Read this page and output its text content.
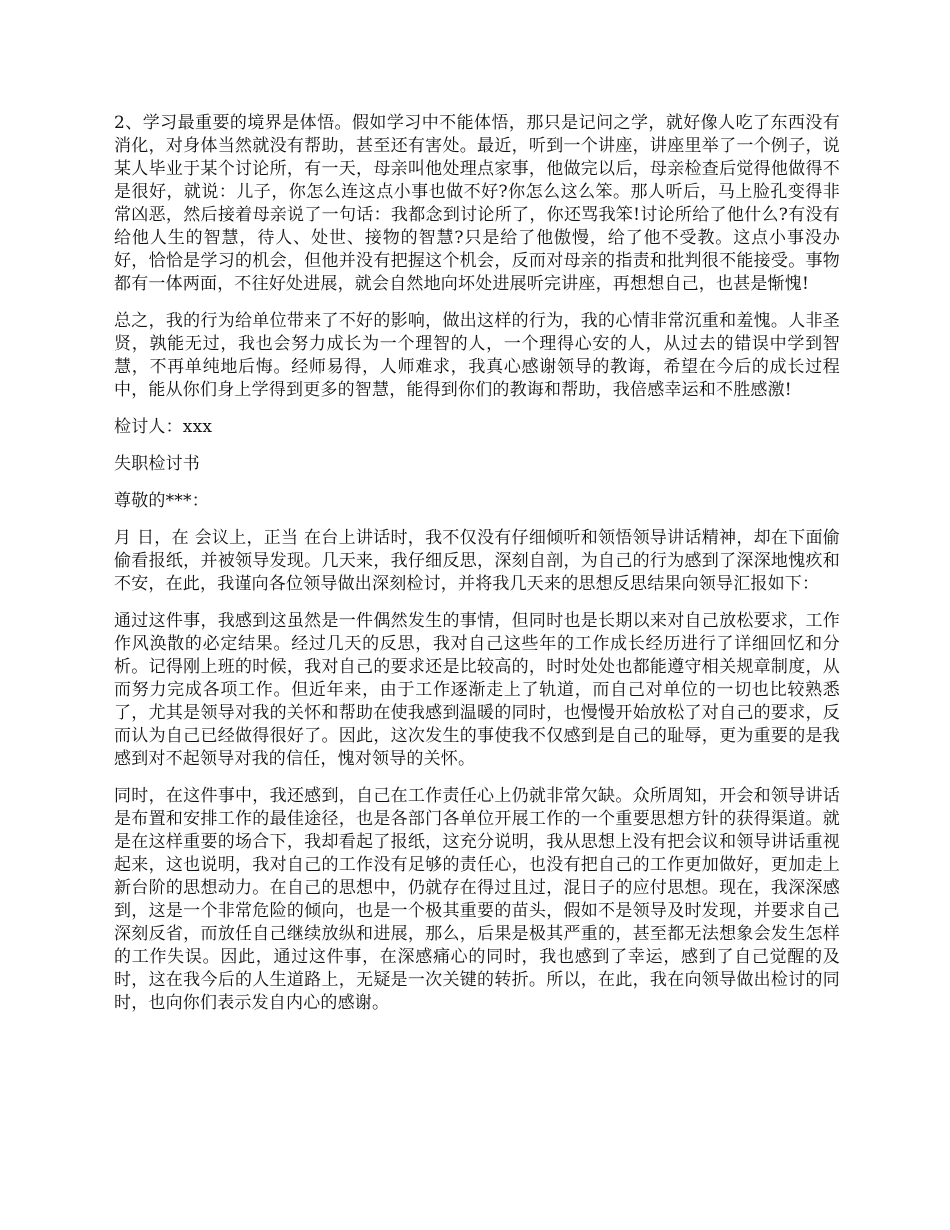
2、学习最重要的境界是体悟。假如学习中不能体悟，那只是记问之学，就好像人吃了东西没有消化，对身体当然就没有帮助，甚至还有害处。最近，听到一个讲座，讲座里举了一个例子，说某人毕业于某个讨论所，有一天，母亲叫他处理点家事，他做完以后，母亲检查后觉得他做得不是很好，就说：儿子，你怎么连这点小事也做不好?你怎么这么笨。那人听后，马上脸孔变得非常凶恶，然后接着母亲说了一句话：我都念到讨论所了，你还骂我笨!讨论所给了他什么?有没有给他人生的智慧，待人、处世、接物的智慧?只是给了他傲慢，给了他不受教。这点小事没办好，恰恰是学习的机会，但他并没有把握这个机会，反而对母亲的指责和批判很不能接受。事物都有一体两面，不往好处进展，就会自然地向坏处进展听完讲座，再想想自己，也甚是惭愧!

总之，我的行为给单位带来了不好的影响，做出这样的行为，我的心情非常沉重和羞愧。人非圣贤，孰能无过，我也会努力成长为一个理智的人，一个理得心安的人，从过去的错误中学到智慧，不再单纯地后悔。经师易得，人师难求，我真心感谢领导的教诲，希望在今后的成长过程中，能从你们身上学得到更多的智慧，能得到你们的教诲和帮助，我倍感幸运和不胜感激!

检讨人：xxx

失职检讨书

尊敬的***：

月 日，在 会议上，正当 在台上讲话时，我不仅没有仔细倾听和领悟领导讲话精神，却在下面偷偷看报纸，并被领导发现。几天来，我仔细反思，深刻自剖，为自己的行为感到了深深地愧疚和不安，在此，我谨向各位领导做出深刻检讨，并将我几天来的思想反思结果向领导汇报如下：

通过这件事，我感到这虽然是一件偶然发生的事情，但同时也是长期以来对自己放松要求，工作作风涣散的必定结果。经过几天的反思，我对自己这些年的工作成长经历进行了详细回忆和分析。记得刚上班的时候，我对自己的要求还是比较高的，时时处处也都能遵守相关规章制度，从而努力完成各项工作。但近年来，由于工作逐渐走上了轨道，而自己对单位的一切也比较熟悉了，尤其是领导对我的关怀和帮助在使我感到温暖的同时，也慢慢开始放松了对自己的要求，反而认为自己已经做得很好了。因此，这次发生的事使我不仅感到是自己的耻辱，更为重要的是我感到对不起领导对我的信任，愧对领导的关怀。

同时，在这件事中，我还感到，自己在工作责任心上仍就非常欠缺。众所周知，开会和领导讲话是布置和安排工作的最佳途径，也是各部门各单位开展工作的一个重要思想方针的获得渠道。就是在这样重要的场合下，我却看起了报纸，这充分说明，我从思想上没有把会议和领导讲话重视起来，这也说明，我对自己的工作没有足够的责任心，也没有把自己的工作更加做好，更加走上新台阶的思想动力。在自己的思想中，仍就存在得过且过，混日子的应付思想。现在，我深深感到，这是一个非常危险的倾向，也是一个极其重要的苗头，假如不是领导及时发现，并要求自己深刻反省，而放任自己继续放纵和进展，那么，后果是极其严重的，甚至都无法想象会发生怎样的工作失误。因此，通过这件事，在深感痛心的同时，我也感到了幸运，感到了自己觉醒的及时，这在我今后的人生道路上，无疑是一次关键的转折。所以，在此，我在向领导做出检讨的同时，也向你们表示发自内心的感谢。
